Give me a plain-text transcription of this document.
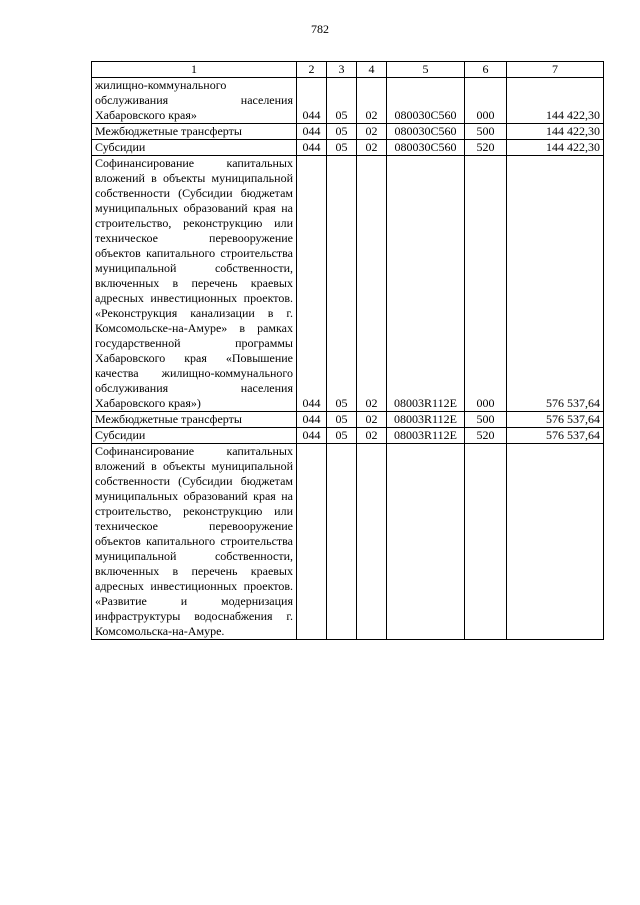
782
1	2	3	4	5	6	7
жилищно-коммунального обслуживания населения Хабаровского края»	044	05	02	080030C560	000	144 422,30
Межбюджетные трансферты	044	05	02	080030C560	500	144 422,30
Субсидии	044	05	02	080030C560	520	144 422,30
Софинансирование капитальных вложений в объекты муниципальной собственности (Субсидии бюджетам муниципальных образований края на строительство, реконструкцию или техническое перевооружение объектов капитального строительства муниципальной собственности, включенных в перечень краевых адресных инвестиционных проектов. «Реконструкция канализации в г. Комсомольске-на-Амуре» в рамках государственной программы Хабаровского края «Повышение качества жилищно-коммунального обслуживания населения Хабаровского края»)	044	05	02	08003R112E	000	576 537,64
Межбюджетные трансферты	044	05	02	08003R112E	500	576 537,64
Субсидии	044	05	02	08003R112E	520	576 537,64
Софинансирование капитальных вложений в объекты муниципальной собственности (Субсидии бюджетам муниципальных образований края на строительство, реконструкцию или техническое перевооружение объектов капитального строительства муниципальной собственности, включенных в перечень краевых адресных инвестиционных проектов. «Развитие и модернизация инфраструктуры водоснабжения г. Комсомольска-на-Амуре.						
